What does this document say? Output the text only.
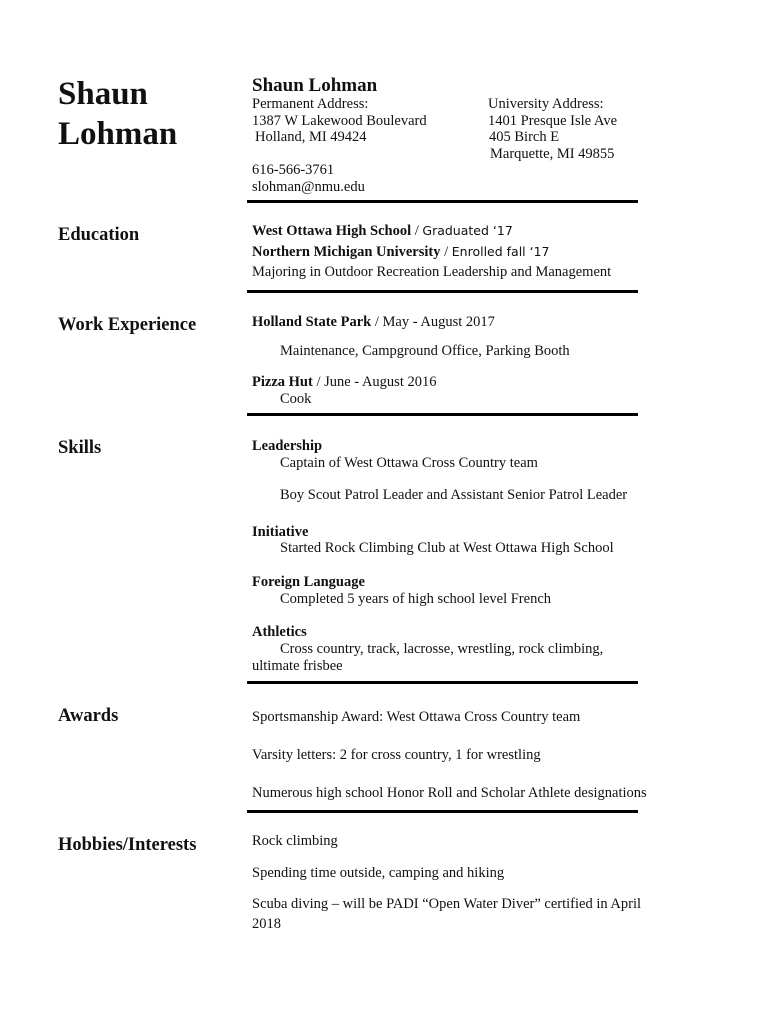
Shaun
Lohman
Shaun Lohman
Permanent Address:
1387 W Lakewood Boulevard
Holland, MI 49424
University Address:
1401 Presque Isle Ave
405 Birch E
Marquette, MI 49855
616-566-3761
slohman@nmu.edu
Education	West Ottawa High School / Graduated ‘17
Northern Michigan University / Enrolled fall ‘17
Majoring in Outdoor Recreation Leadership and Management
Work Experience	Holland State Park / May - August 2017
Maintenance, Campground Office, Parking Booth
Pizza Hut / June - August 2016
Cook
Skills	Leadership
Captain of West Ottawa Cross Country team
Boy Scout Patrol Leader and Assistant Senior Patrol Leader
Initiative
Started Rock Climbing Club at West Ottawa High School
Foreign Language
Completed 5 years of high school level French
Athletics
Cross country, track, lacrosse, wrestling, rock climbing,
ultimate frisbee
Awards	Sportsmanship Award: West Ottawa Cross Country team
Varsity letters: 2 for cross country, 1 for wrestling
Numerous high school Honor Roll and Scholar Athlete designations
Hobbies/Interests	Rock climbing
Spending time outside, camping and hiking
Scuba diving – will be PADI “Open Water Diver” certified in April
2018
